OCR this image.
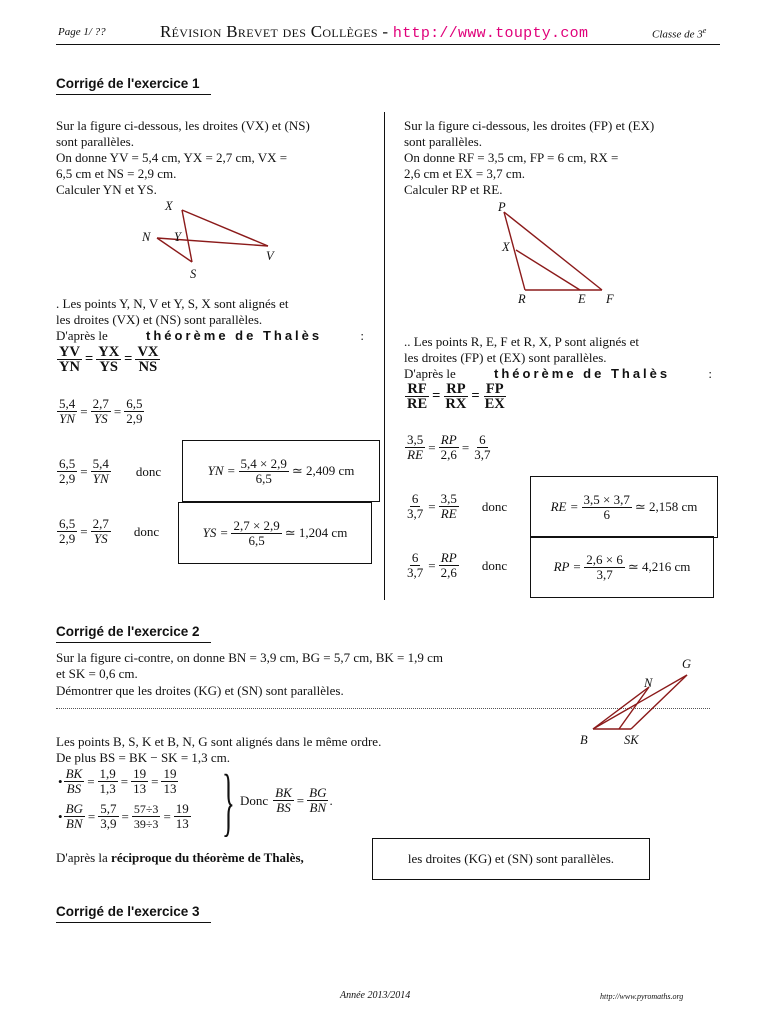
Page 1/ ??	Révision Brevet des Collèges - http://www.toupty.com	Classe de 3e
Corrigé de l'exercice 1
Sur la figure ci-dessous, les droites (VX) et (NS)
sont parallèles.
On donne YV = 5,4 cm, YX = 2,7 cm, VX =
6,5 cm et NS = 2,9 cm.
Calculer YN et YS.
X
N Y
V
S
. Les points Y, N, V et Y, S, X sont alignés et
les droites (VX) et (NS) sont parallèles.
D'après le	théorème de Thalès	:
$\frac{YV}{YN} = \frac{YX}{YS} = \frac{VX}{NS}$
$\frac{5,4}{YN} = \frac{2,7}{YS} = \frac{6,5}{2,9}$
$\frac{6,5}{2,9} = \frac{5,4}{YN}$ donc	YN = $\frac{5,4 \times 2,9}{6,5}$ ≃ 2,409 cm
$\frac{6,5}{2,9} = \frac{2,7}{YS}$ donc	YS = $\frac{2,7 \times 2,9}{6,5}$ ≃ 1,204 cm
Sur la figure ci-dessous, les droites (FP) et (EX)
sont parallèles.
On donne RF = 3,5 cm, FP = 6 cm, RX =
2,6 cm et EX = 3,7 cm.
Calculer RP et RE.
P
X
R	E F
.. Les points R, E, F et R, X, P sont alignés et
les droites (FP) et (EX) sont parallèles.
D'après le	théorème de Thalès	:
$\frac{RF}{RE} = \frac{RP}{RX} = \frac{FP}{EX}$
$\frac{3,5}{RE} = \frac{RP}{2,6} = \frac{6}{3,7}$
$\frac{6}{3,7} = \frac{3,5}{RE}$ donc	RE = $\frac{3,5 \times 3,7}{6}$ ≃ 2,158 cm
$\frac{6}{3,7} = \frac{RP}{2,6}$ donc	RP = $\frac{2,6 \times 6}{3,7}$ ≃ 4,216 cm
Corrigé de l'exercice 2
Sur la figure ci-contre, on donne BN = 3,9 cm, BG = 5,7 cm, BK = 1,9 cm
et SK = 0,6 cm.
Démontrer que les droites (KG) et (SN) sont parallèles.
G
N
B	SK
Les points B, S, K et B, N, G sont alignés dans le même ordre.
De plus BS = BK − SK = 1,3 cm.
• $\frac{BK}{BS} = \frac{1,9}{1,3} = \frac{19}{13} = \frac{19}{13}$
• $\frac{BG}{BN} = \frac{5,7}{3,9} = \frac{57\div 3}{39\div 3} = \frac{19}{13}$ } Donc $\frac{BK}{BS} = \frac{BG}{BN}$ .
D'après la réciproque du théorème de Thalès,	les droites (KG) et (SN) sont parallèles.
Corrigé de l'exercice 3
Année 2013/2014	http://www.pyromaths.org
